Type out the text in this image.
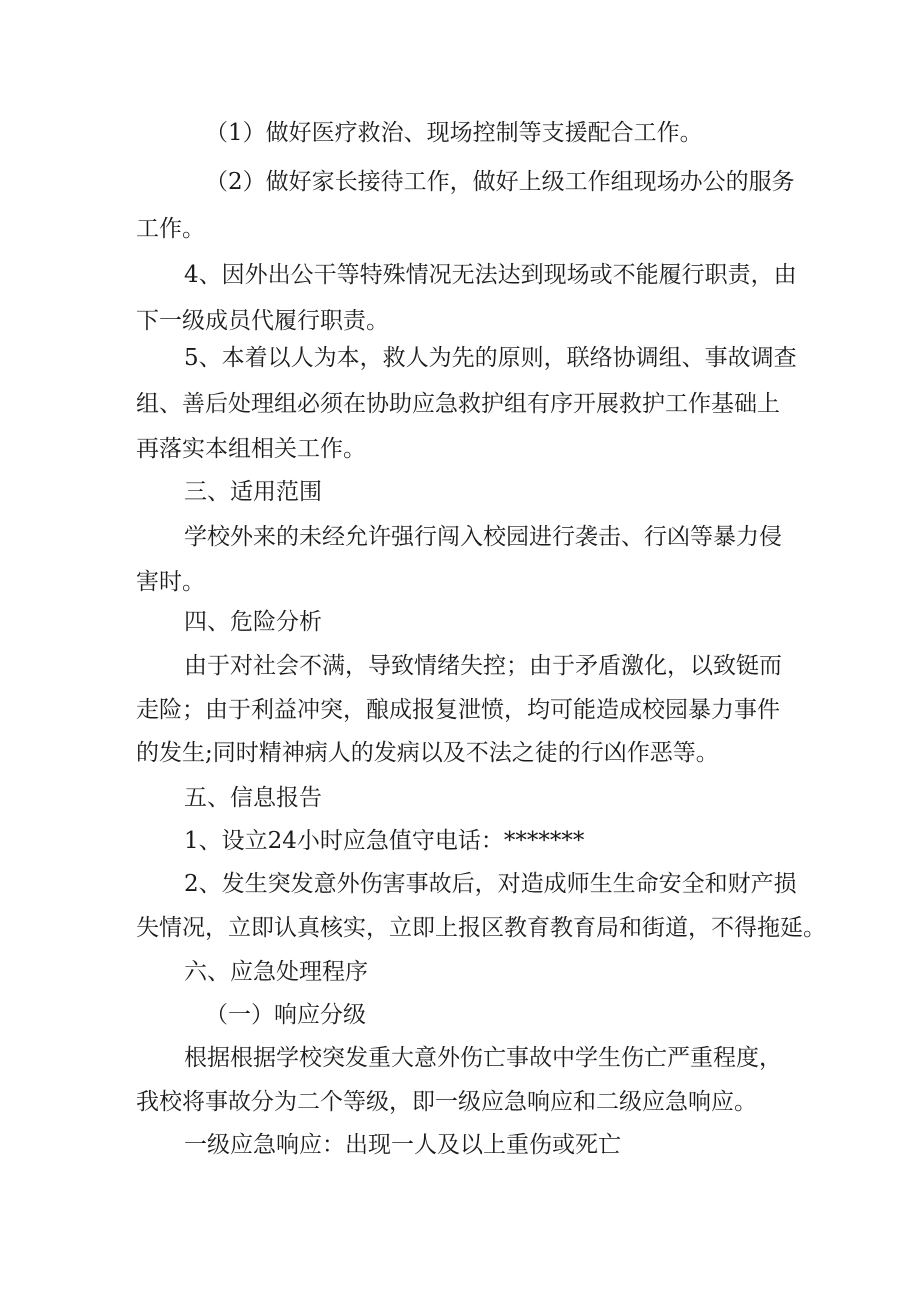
（1）做好医疗救治、现场控制等支援配合工作。
（2）做好家长接待工作，做好上级工作组现场办公的服务
工作。
4、因外出公干等特殊情况无法达到现场或不能履行职责，由
下一级成员代履行职责。
5、本着以人为本，救人为先的原则，联络协调组、事故调查
组、善后处理组必须在协助应急救护组有序开展救护工作基础上
再落实本组相关工作。
三、适用范围
学校外来的未经允许强行闯入校园进行袭击、行凶等暴力侵
害时。
四、危险分析
由于对社会不满，导致情绪失控；由于矛盾激化，以致铤而
走险；由于利益冲突，酿成报复泄愤，均可能造成校园暴力事件
的发生;同时精神病人的发病以及不法之徒的行凶作恶等。
五、信息报告
1、设立24小时应急值守电话：*******
2、发生突发意外伤害事故后，对造成师生生命安全和财产损
失情况，立即认真核实，立即上报区教育教育局和街道，不得拖延。
六、应急处理程序
（一）响应分级
根据根据学校突发重大意外伤亡事故中学生伤亡严重程度，
我校将事故分为二个等级，即一级应急响应和二级应急响应。
一级应急响应：出现一人及以上重伤或死亡
